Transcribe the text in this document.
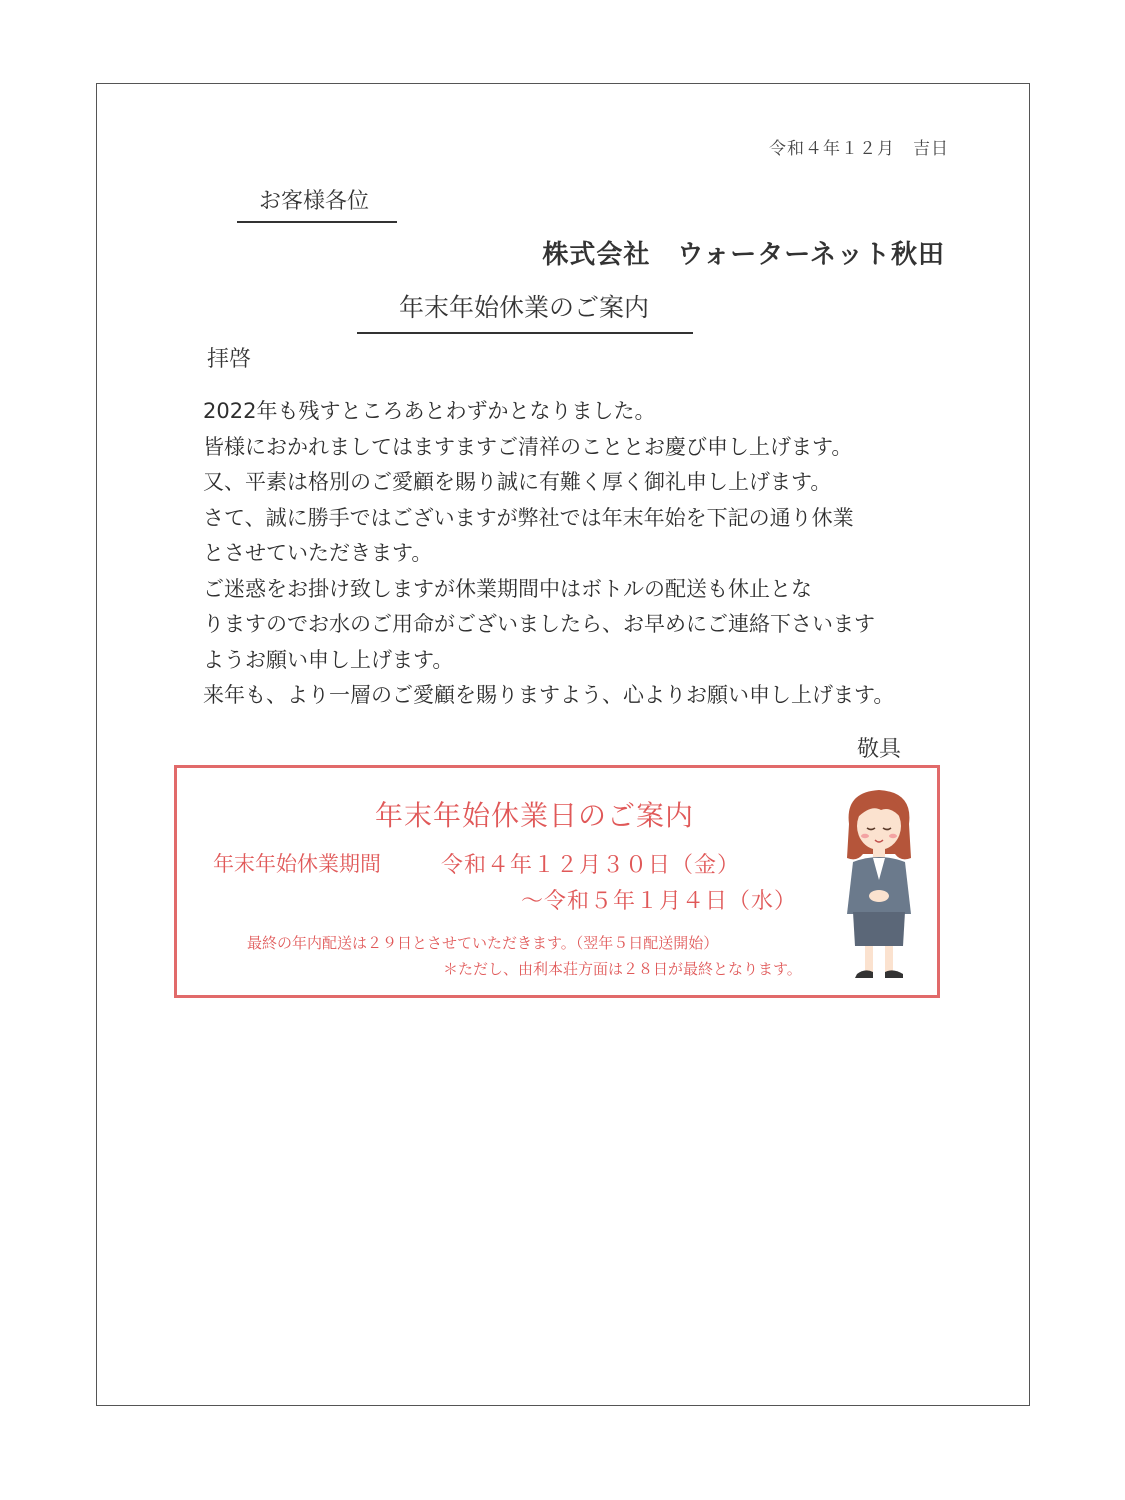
令和４年１２月　吉日
お客様各位
株式会社　ウォーターネット秋田
年末年始休業のご案内
拝啓
2022年も残すところあとわずかとなりました。
皆様におかれましてはますますご清祥のこととお慶び申し上げます。
又、平素は格別のご愛顧を賜り誠に有難く厚く御礼申し上げます。
さて、誠に勝手ではございますが弊社では年末年始を下記の通り休業
とさせていただきます。
ご迷惑をお掛け致しますが休業期間中はボトルの配送も休止とな
りますのでお水のご用命がございましたら、お早めにご連絡下さいます
ようお願い申し上げます。
来年も、より一層のご愛顧を賜りますよう、心よりお願い申し上げます。
敬具
年末年始休業日のご案内
年末年始休業期間	令和４年１２月３０日（金）
～令和５年１月４日（水）
最終の年内配送は２９日とさせていただきます。（翌年５日配送開始）
＊ただし、由利本荘方面は２８日が最終となります。
